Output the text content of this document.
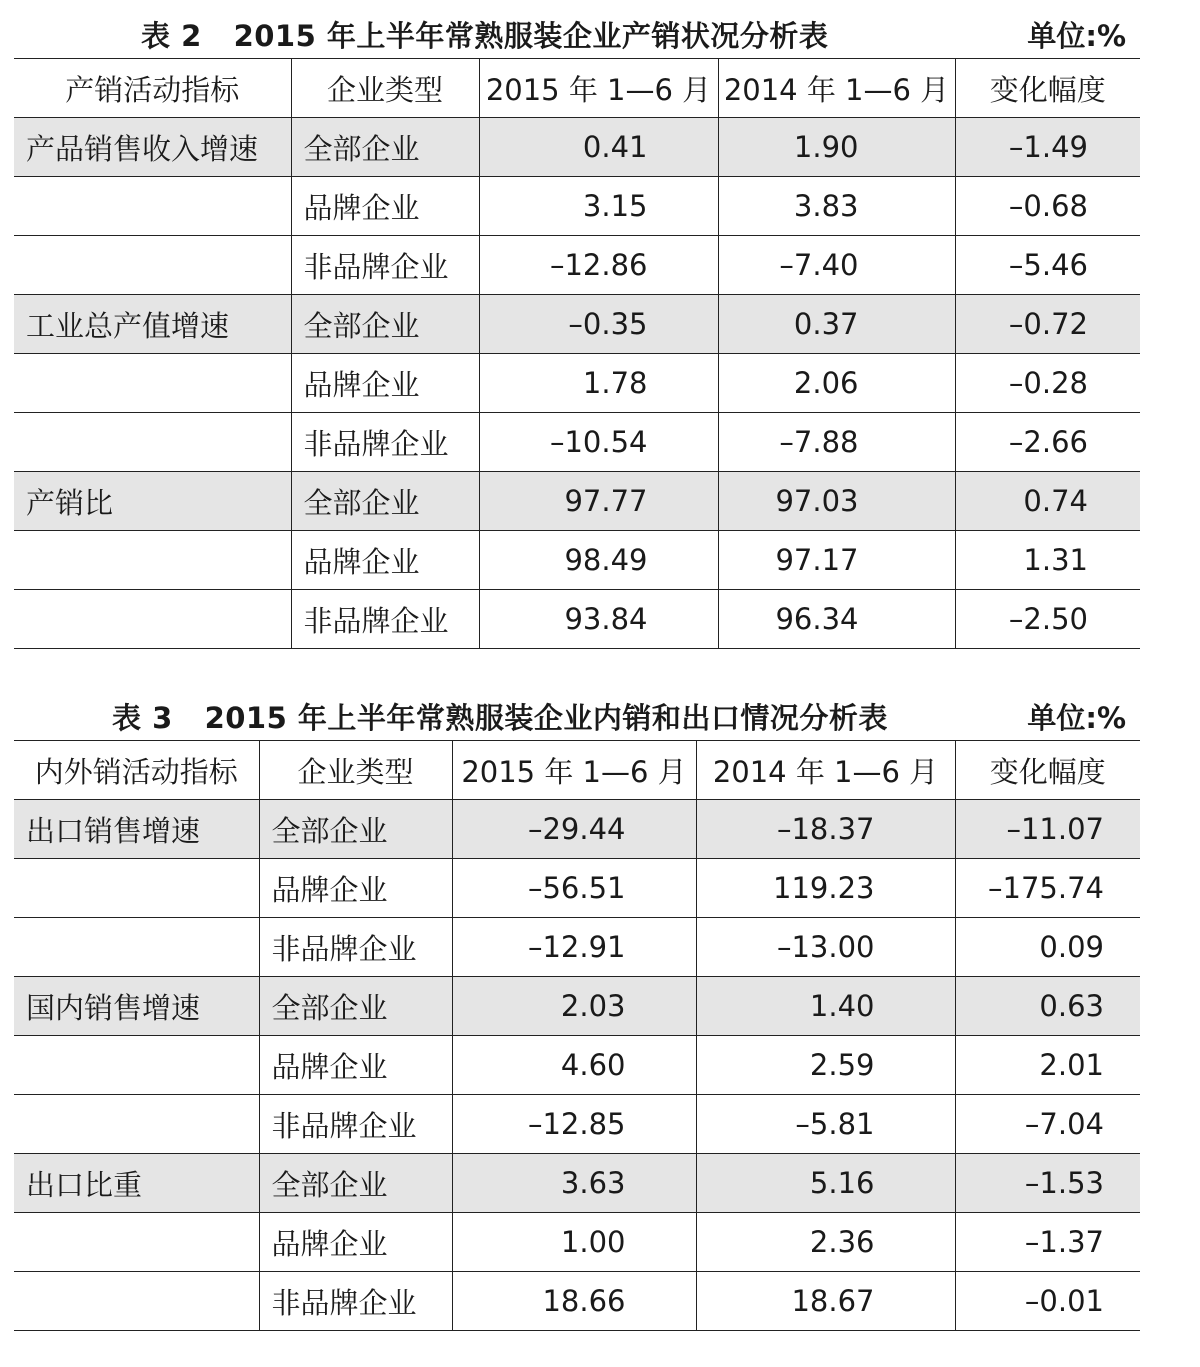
表 2   2015 年上半年常熟服装企业产销状况分析表	单位:%
产销活动指标	企业类型	2015 年 1—6 月	2014 年 1—6 月	变化幅度
产品销售收入增速	全部企业	0.41	1.90	–1.49
	品牌企业	3.15	3.83	–0.68
	非品牌企业	–12.86	–7.40	–5.46
工业总产值增速	全部企业	–0.35	0.37	–0.72
	品牌企业	1.78	2.06	–0.28
	非品牌企业	–10.54	–7.88	–2.66
产销比	全部企业	97.77	97.03	0.74
	品牌企业	98.49	97.17	1.31
	非品牌企业	93.84	96.34	–2.50
表 3   2015 年上半年常熟服装企业内销和出口情况分析表	单位:%
内外销活动指标	企业类型	2015 年 1—6 月	2014 年 1—6 月	变化幅度
出口销售增速	全部企业	–29.44	–18.37	–11.07
	品牌企业	–56.51	119.23	–175.74
	非品牌企业	–12.91	–13.00	0.09
国内销售增速	全部企业	2.03	1.40	0.63
	品牌企业	4.60	2.59	2.01
	非品牌企业	–12.85	–5.81	–7.04
出口比重	全部企业	3.63	5.16	–1.53
	品牌企业	1.00	2.36	–1.37
	非品牌企业	18.66	18.67	–0.01
